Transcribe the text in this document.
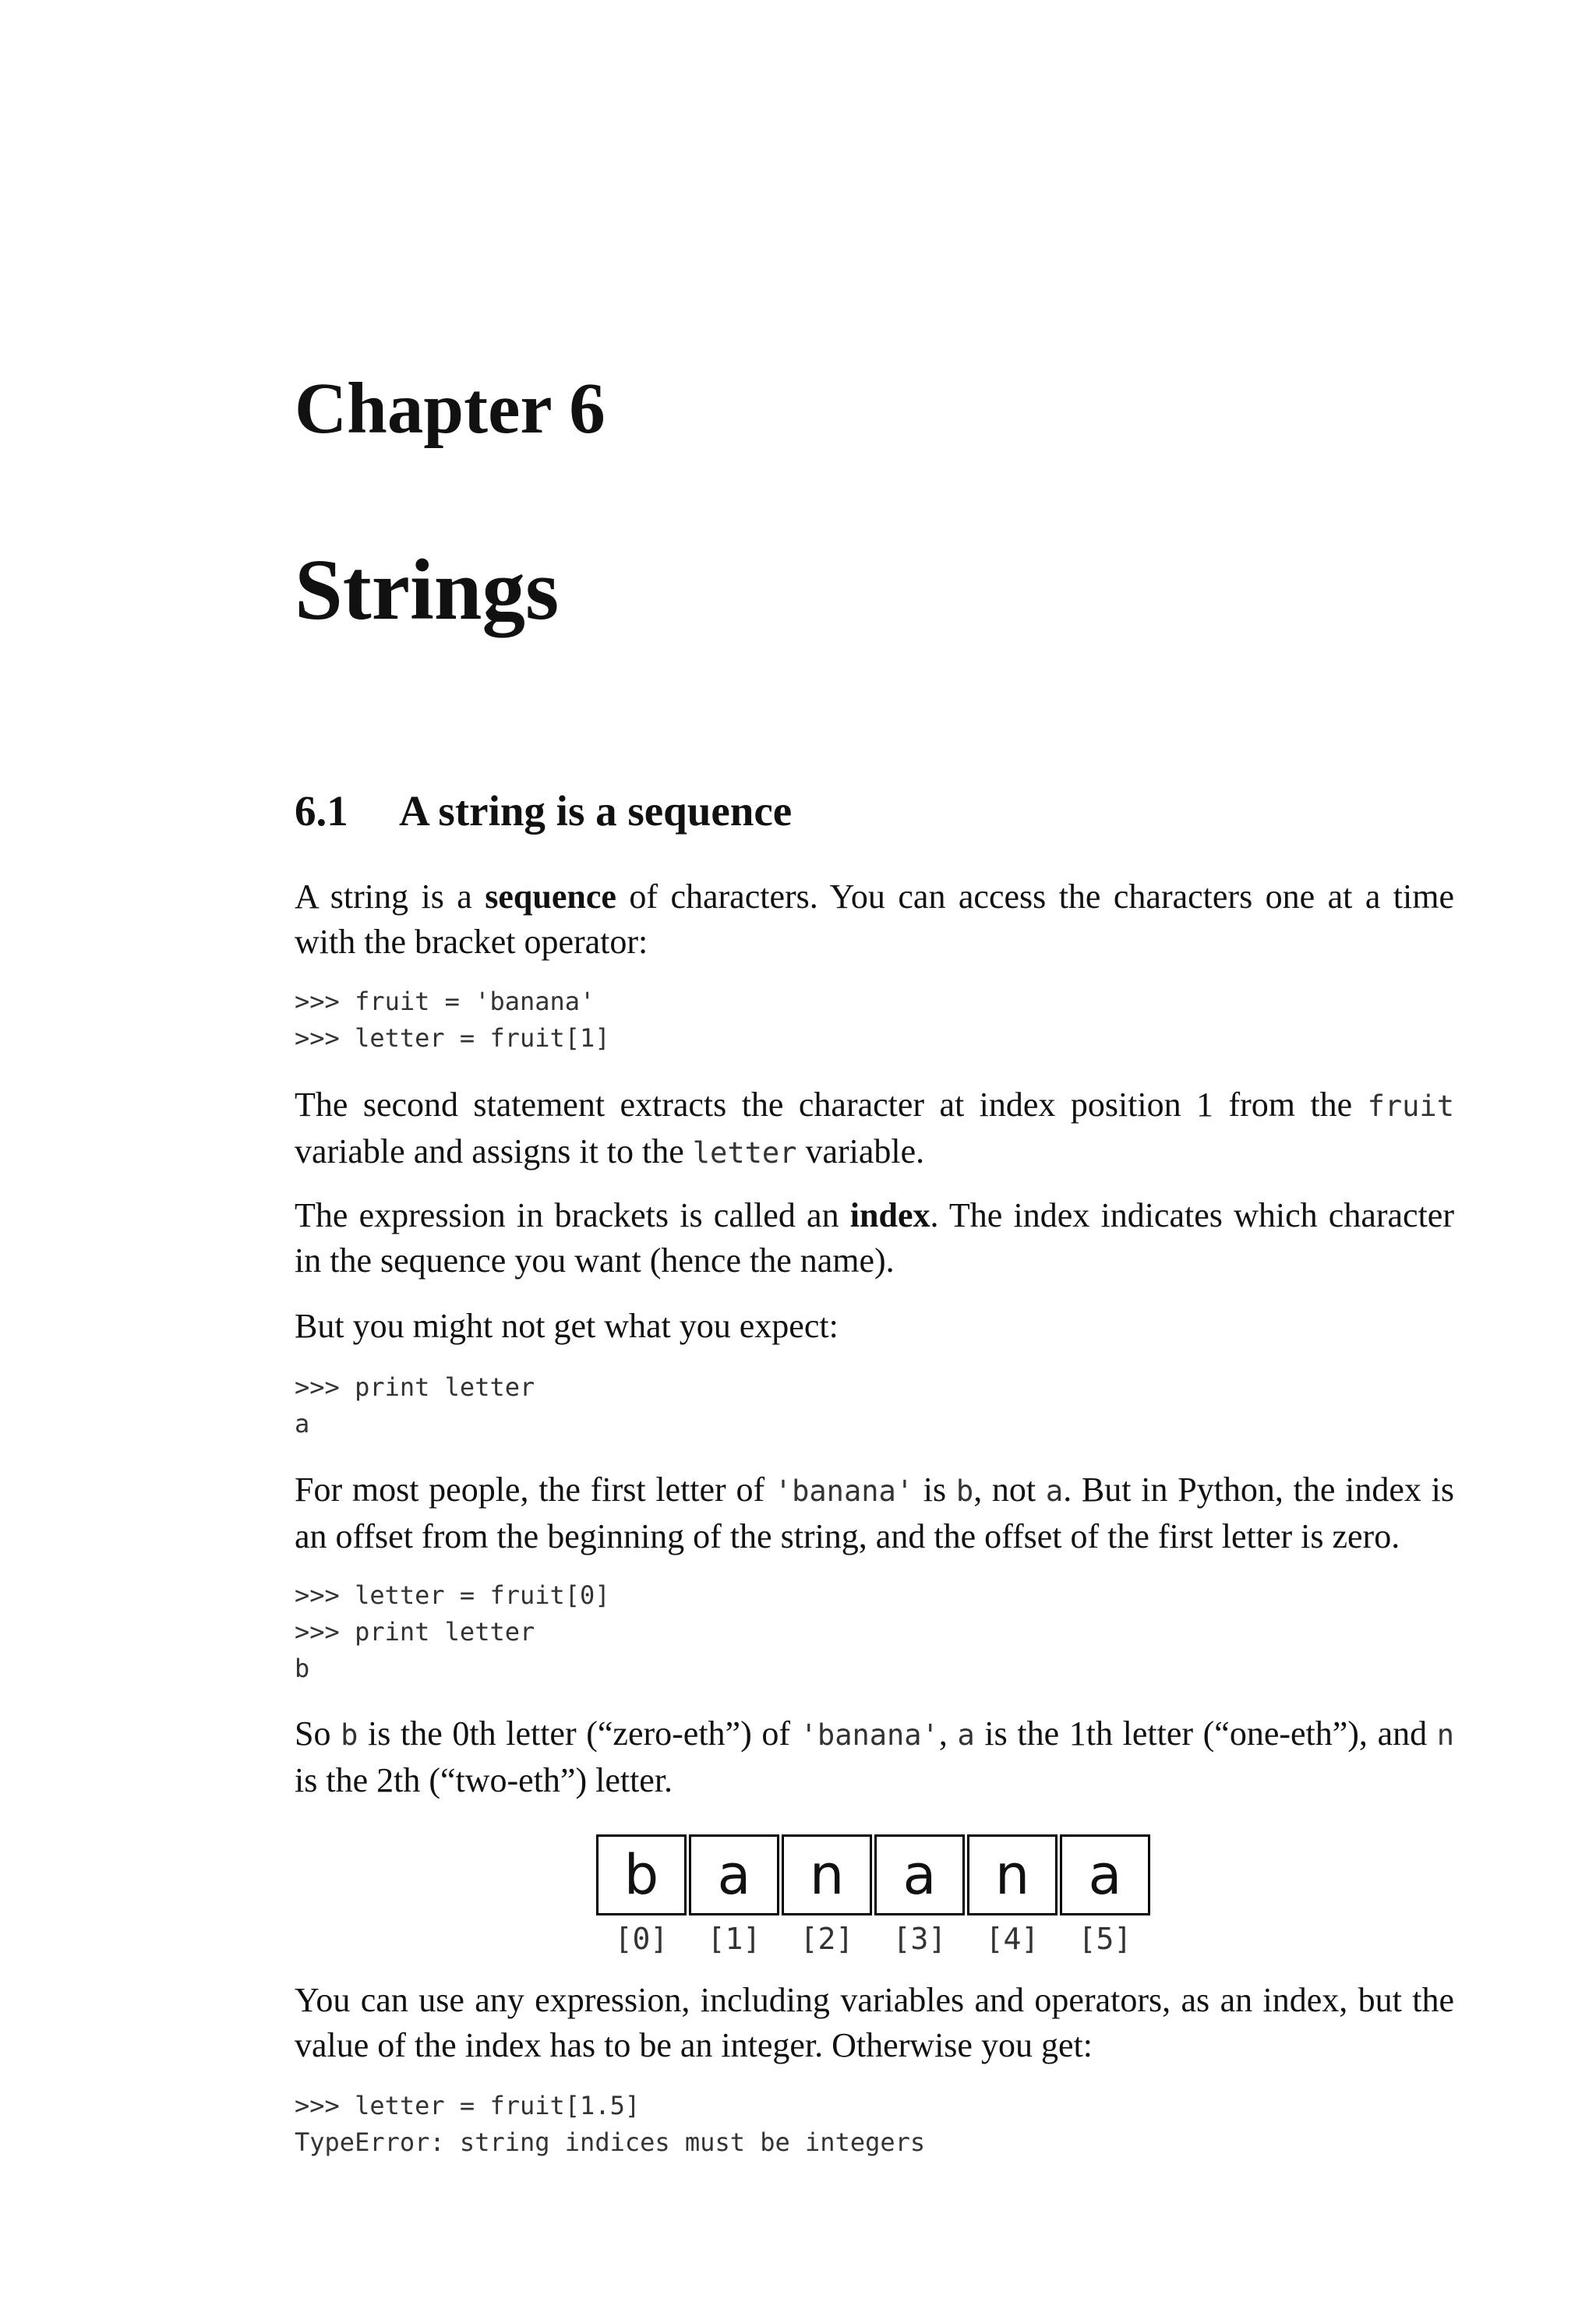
Chapter 6
Strings
6.1 A string is a sequence
A string is a sequence of characters. You can access the characters one at a time with the bracket operator:
>>> fruit = 'banana'
>>> letter = fruit[1]
The second statement extracts the character at index position 1 from the fruit variable and assigns it to the letter variable.
The expression in brackets is called an index. The index indicates which character in the sequence you want (hence the name).
But you might not get what you expect:
>>> print letter
a
For most people, the first letter of 'banana' is b, not a. But in Python, the index is an offset from the beginning of the string, and the offset of the first letter is zero.
>>> letter = fruit[0]
>>> print letter
b
So b is the 0th letter (“zero-eth”) of 'banana', a is the 1th letter (“one-eth”), and n is the 2th (“two-eth”) letter.
b	a	n	a	n	a
[0]	[1]	[2]	[3]	[4]	[5]
You can use any expression, including variables and operators, as an index, but the value of the index has to be an integer. Otherwise you get:
>>> letter = fruit[1.5]
TypeError: string indices must be integers
